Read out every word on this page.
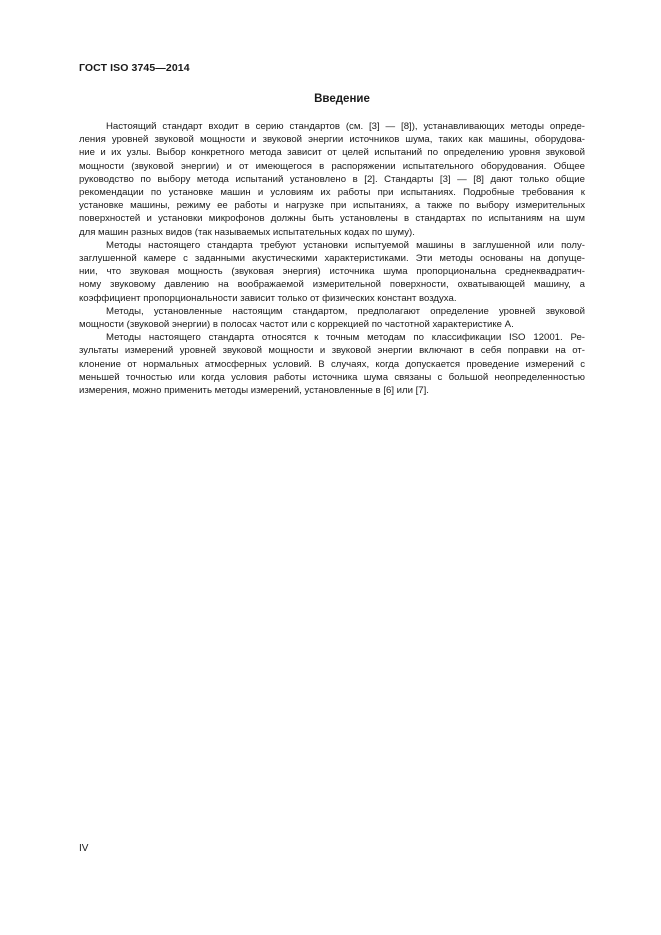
ГОСТ ISO 3745—2014
Введение

Настоящий стандарт входит в серию стандартов (см. [3] — [8]), устанавливающих методы опреде-
ления уровней звуковой мощности и звуковой энергии источников шума, таких как машины, оборудова-
ние и их узлы. Выбор конкретного метода зависит от целей испытаний по определению уровня звуковой
мощности (звуковой энергии) и от имеющегося в распоряжении испытательного оборудования. Общее
руководство по выбору метода испытаний установлено в [2]. Стандарты [3] — [8] дают только общие
рекомендации по установке машин и условиям их работы при испытаниях. Подробные требования к
установке машины, режиму ее работы и нагрузке при испытаниях, а также по выбору измерительных
поверхностей и установки микрофонов должны быть установлены в стандартах по испытаниям на шум
для машин разных видов (так называемых испытательных кодах по шуму).

Методы настоящего стандарта требуют установки испытуемой машины в заглушенной или полу-
заглушенной камере с заданными акустическими характеристиками. Эти методы основаны на допуще-
нии, что звуковая мощность (звуковая энергия) источника шума пропорциональна среднеквадратич-
ному звуковому давлению на воображаемой измерительной поверхности, охватывающей машину, а
коэффициент пропорциональности зависит только от физических констант воздуха.

Методы, установленные настоящим стандартом, предполагают определение уровней звуковой
мощности (звуковой энергии) в полосах частот или с коррекцией по частотной характеристике A.

Методы настоящего стандарта относятся к точным методам по классификации ISO 12001. Ре-
зультаты измерений уровней звуковой мощности и звуковой энергии включают в себя поправки на от-
клонение от нормальных атмосферных условий. В случаях, когда допускается проведение измерений с
меньшей точностью или когда условия работы источника шума связаны с большой неопределенностью
измерения, можно применить методы измерений, установленные в [6] или [7].

IV
